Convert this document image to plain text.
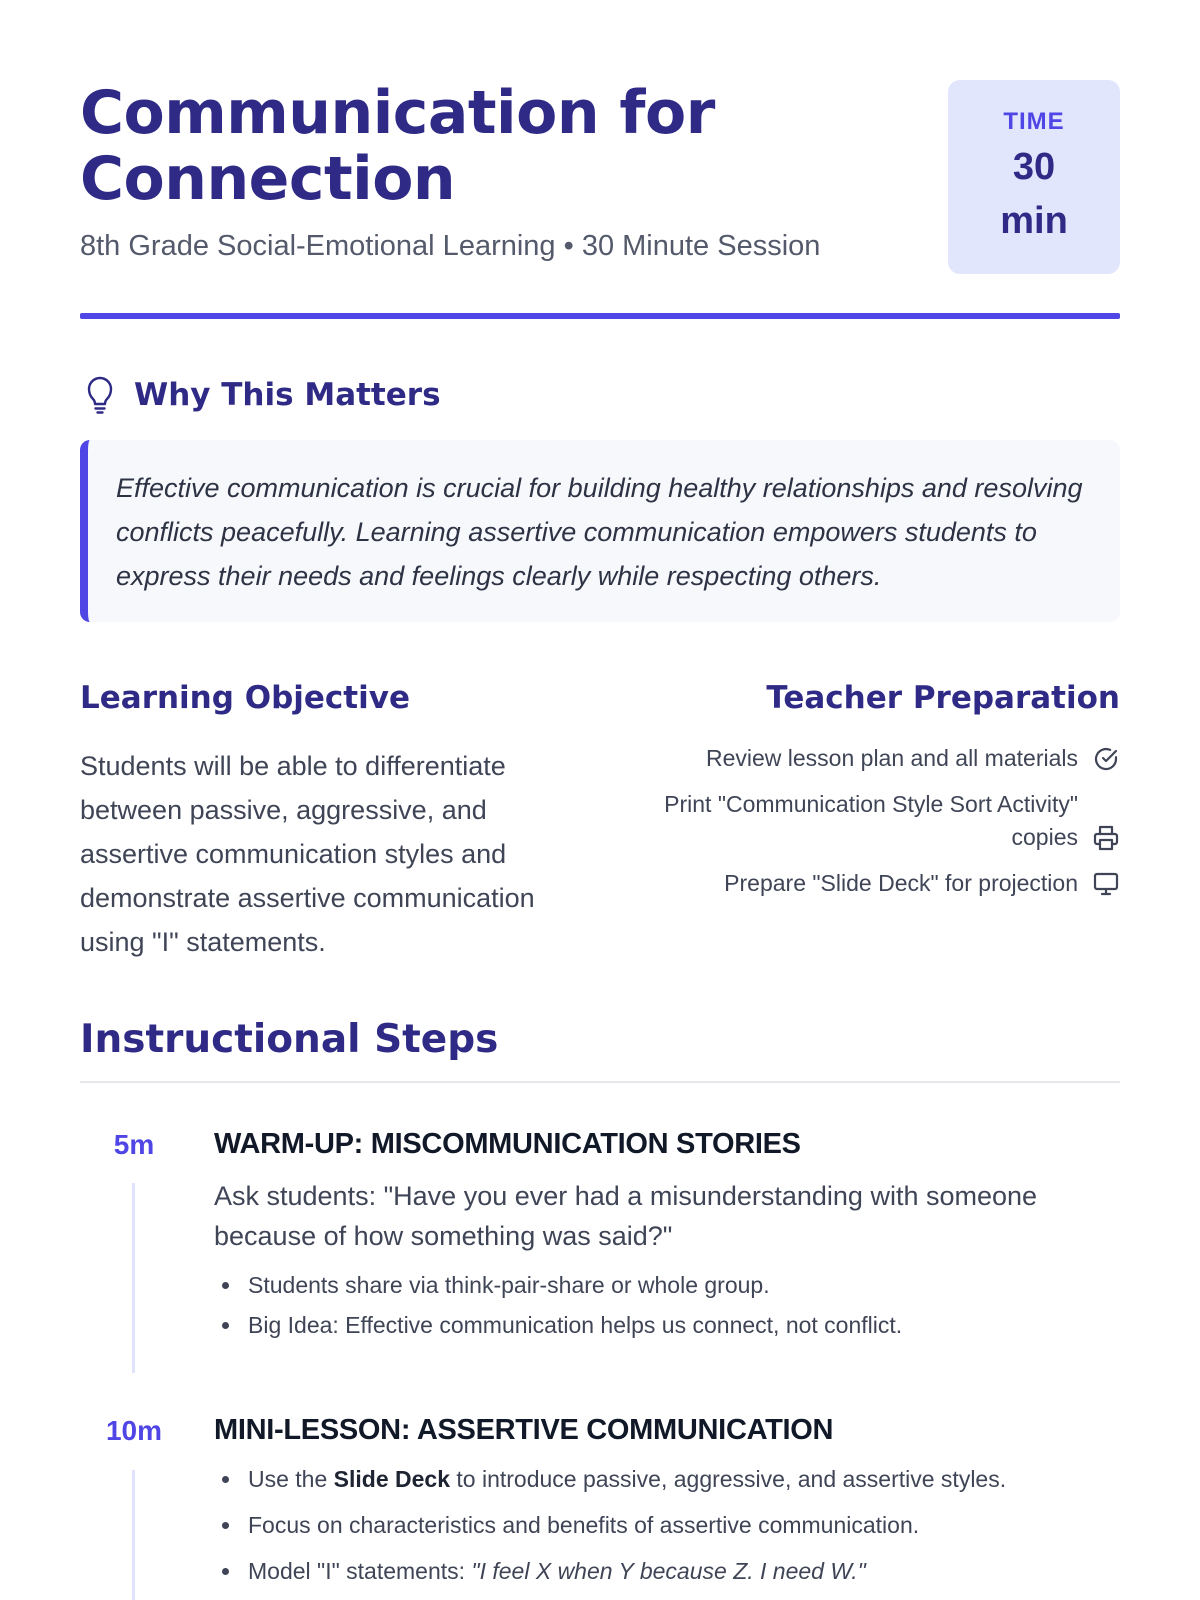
Communication for
Connection
8th Grade Social-Emotional Learning • 30 Minute Session
TIME
30
min
Why This Matters

Effective communication is crucial for building healthy relationships and resolving conflicts peacefully. Learning assertive communication empowers students to express their needs and feelings clearly while respecting others.

Learning Objective

Students will be able to differentiate between passive, aggressive, and assertive communication styles and demonstrate assertive communication using "I" statements.

Teacher Preparation
Review lesson plan and all materials
Print "Communication Style Sort Activity" copies
Prepare "Slide Deck" for projection
Instructional Steps
5m	WARM-UP: MISCOMMUNICATION STORIES

Ask students: "Have you ever had a misunderstanding with someone because of how something was said?"

Students share via think-pair-share or whole group.
Big Idea: Effective communication helps us connect, not conflict.
10m	MINI-LESSON: ASSERTIVE COMMUNICATION
Use the Slide Deck to introduce passive, aggressive, and assertive styles.
Focus on characteristics and benefits of assertive communication.
Model "I" statements: "I feel X when Y because Z. I need W."
